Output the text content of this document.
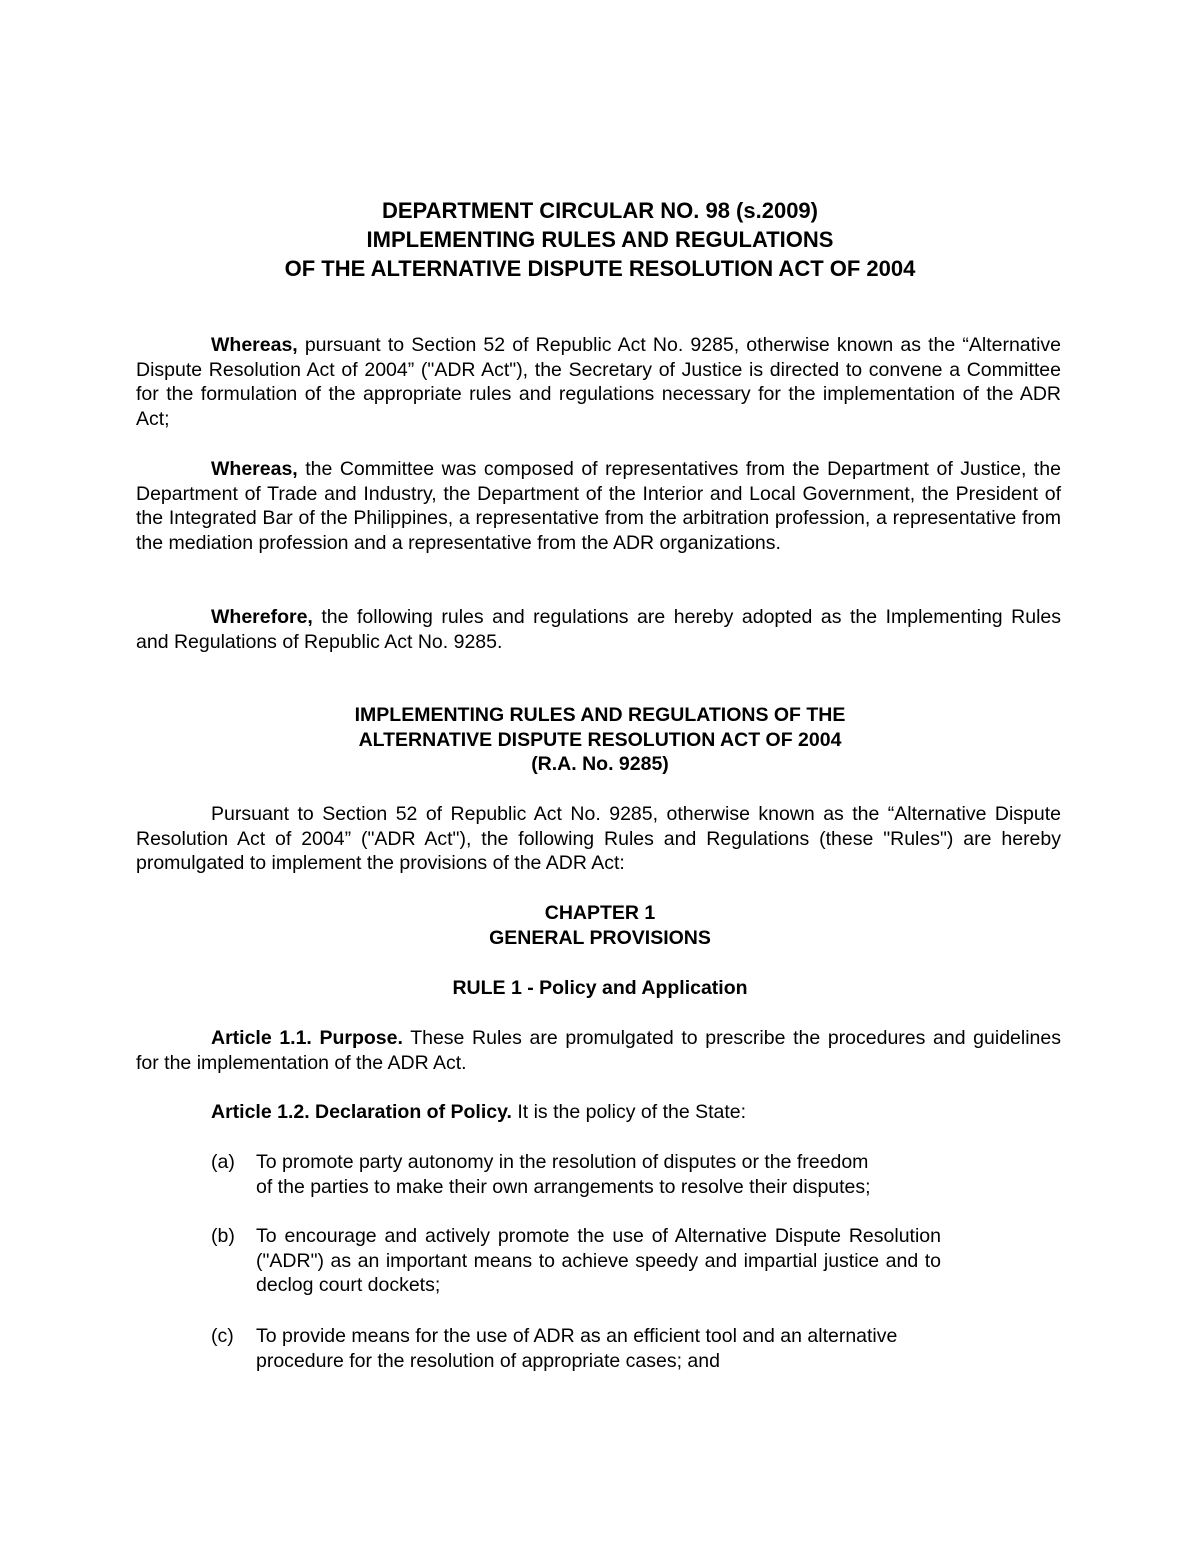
DEPARTMENT CIRCULAR NO. 98 (s.2009)
IMPLEMENTING RULES AND REGULATIONS
OF THE ALTERNATIVE DISPUTE RESOLUTION ACT OF 2004

Whereas, pursuant to Section 52 of Republic Act No. 9285, otherwise known as the “Alternative Dispute Resolution Act of 2004” ("ADR Act"), the Secretary of Justice is directed to convene a Committee for the formulation of the appropriate rules and regulations necessary for the implementation of the ADR Act;

Whereas, the Committee was composed of representatives from the Department of Justice, the Department of Trade and Industry, the Department of the Interior and Local Government, the President of the Integrated Bar of the Philippines, a representative from the arbitration profession, a representative from the mediation profession and a representative from the ADR organizations.

Wherefore, the following rules and regulations are hereby adopted as the Implementing Rules and Regulations of Republic Act No. 9285.

IMPLEMENTING RULES AND REGULATIONS OF THE
ALTERNATIVE DISPUTE RESOLUTION ACT OF 2004
(R.A. No. 9285)

Pursuant to Section 52 of Republic Act No. 9285, otherwise known as the “Alternative Dispute Resolution Act of 2004” ("ADR Act"), the following Rules and Regulations (these "Rules") are hereby promulgated to implement the provisions of the ADR Act:

CHAPTER 1
GENERAL PROVISIONS
RULE 1 - Policy and Application

Article 1.1. Purpose. These Rules are promulgated to prescribe the procedures and guidelines for the implementation of the ADR Act.

Article 1.2. Declaration of Policy. It is the policy of the State:

(a) To promote party autonomy in the resolution of disputes or the freedom
of the parties to make their own arrangements to resolve their disputes;
(b) To encourage and actively promote the use of Alternative Dispute Resolution ("ADR") as an important means to achieve speedy and impartial justice and to declog court dockets;
(c) To provide means for the use of ADR as an efficient tool and an alternative
procedure for the resolution of appropriate cases; and
